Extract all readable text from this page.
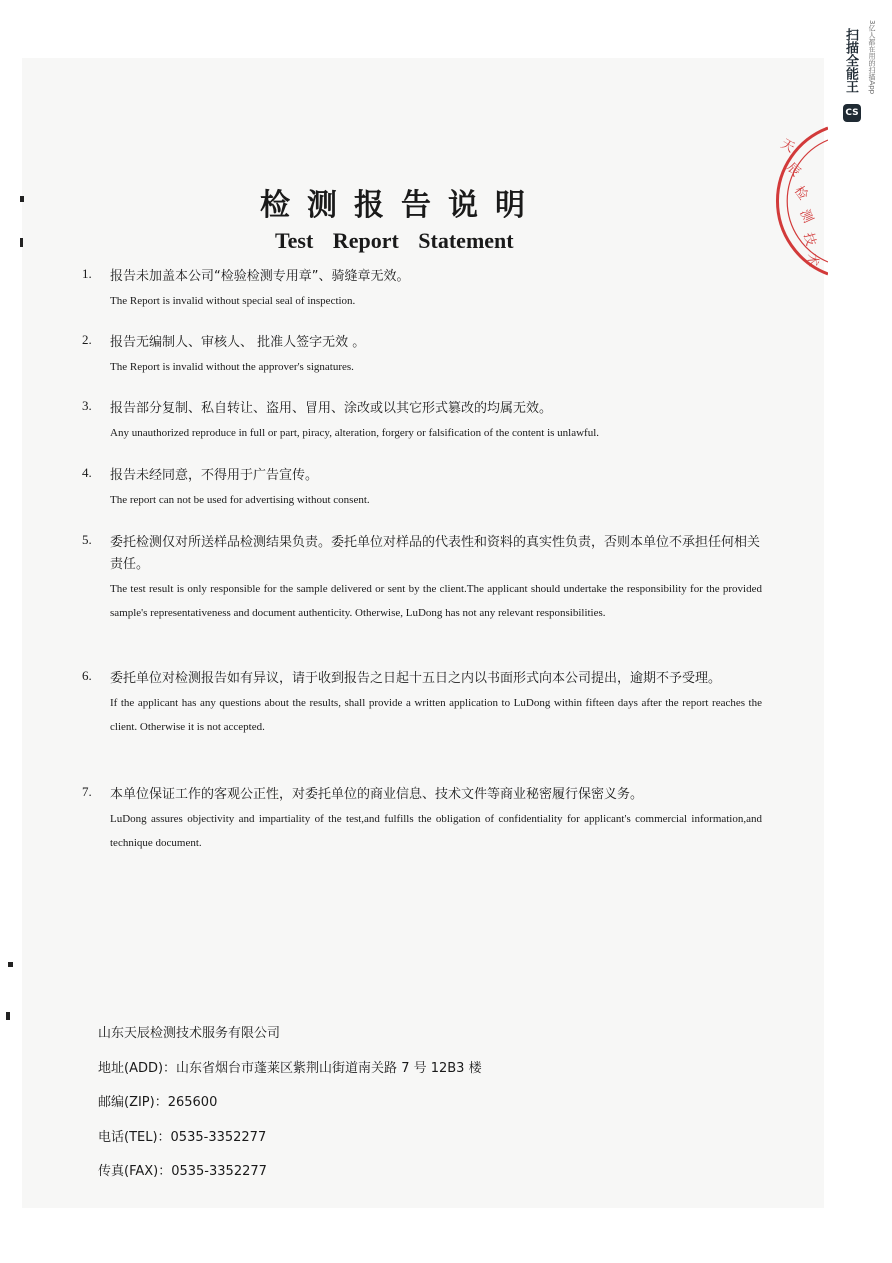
检测报告说明
Test Report Statement
1. 报告未加盖本公司“检验检测专用章”、骑缝章无效。
The Report is invalid without special seal of inspection.
2. 报告无编制人、审核人、 批准人签字无效 。
The Report is invalid without the approver's signatures.
3. 报告部分复制、私自转让、盗用、冒用、涂改或以其它形式篡改的均属无效。
Any unauthorized reproduce in full or part, piracy, alteration, forgery or falsification of the content is unlawful.
4. 报告未经同意，不得用于广告宣传。
The report can not be used for advertising without consent.
5. 委托检测仅对所送样品检测结果负责。委托单位对样品的代表性和资料的真实性负责，否则本单位不承担任何相关责任。
The test result is only responsible for the sample delivered or sent by the client.The applicant should undertake the responsibility for the provided sample's representativeness and document authenticity. Otherwise, LuDong has not any relevant responsibilities.
6. 委托单位对检测报告如有异议，请于收到报告之日起十五日之内以书面形式向本公司提出，逾期不予受理。
If the applicant has any questions about the results, shall provide a written application to LuDong within fifteen days after the report reaches the client. Otherwise it is not accepted.
7. 本单位保证工作的客观公正性，对委托单位的商业信息、技术文件等商业秘密履行保密义务。
LuDong assures objectivity and impartiality of the test,and fulfills the obligation of confidentiality for applicant's commercial information,and technique document.
山东天辰检测技术服务有限公司
地址(ADD)：山东省烟台市蓬莱区紫荆山街道南关路 7 号 12B3 楼
邮编(ZIP)：265600
电话(TEL)：0535-3352277
传真(FAX)：0535-3352277
天
辰
检
测
技
术
CS
扫描全能王	3亿人都在用的扫描App
